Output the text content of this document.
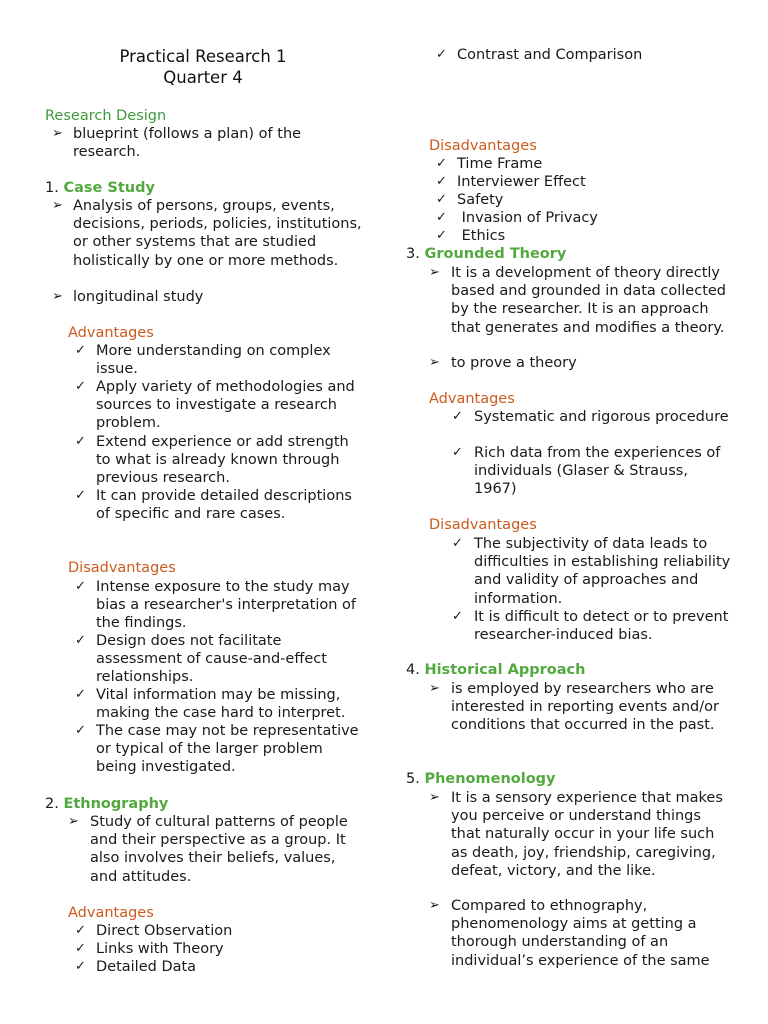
Practical Research 1
Quarter 4
Research Design
➢ blueprint (follows a plan) of the research.
1. Case Study
➢ Analysis of persons, groups, events, decisions, periods, policies, institutions, or other systems that are studied holistically by one or more methods.
➢ longitudinal study
Advantages
✓ More understanding on complex issue.
✓ Apply variety of methodologies and sources to investigate a research problem.
✓ Extend experience or add strength to what is already known through previous research.
✓ It can provide detailed descriptions of specific and rare cases.
Disadvantages
✓ Intense exposure to the study may bias a researcher's interpretation of the findings.
✓ Design does not facilitate assessment of cause-and-effect relationships.
✓ Vital information may be missing, making the case hard to interpret.
✓ The case may not be representative or typical of the larger problem being investigated.
2. Ethnography
➢ Study of cultural patterns of people and their perspective as a group. It also involves their beliefs, values, and attitudes.
Advantages
✓ Direct Observation
✓ Links with Theory
✓ Detailed Data
✓ Contrast and Comparison
Disadvantages
✓ Time Frame
✓ Interviewer Effect
✓ Safety
✓ Invasion of Privacy
✓ Ethics
3. Grounded Theory
➢ It is a development of theory directly based and grounded in data collected by the researcher. It is an approach that generates and modifies a theory.
➢ to prove a theory
Advantages
✓ Systematic and rigorous procedure
✓ Rich data from the experiences of individuals (Glaser & Strauss, 1967)
Disadvantages
✓ The subjectivity of data leads to difficulties in establishing reliability and validity of approaches and information.
✓ It is difficult to detect or to prevent researcher-induced bias.
4. Historical Approach
➢ is employed by researchers who are interested in reporting events and/or conditions that occurred in the past.
5. Phenomenology
➢ It is a sensory experience that makes you perceive or understand things that naturally occur in your life such as death, joy, friendship, caregiving, defeat, victory, and the like.
➢ Compared to ethnography, phenomenology aims at getting a thorough understanding of an individual’s experience of the same
